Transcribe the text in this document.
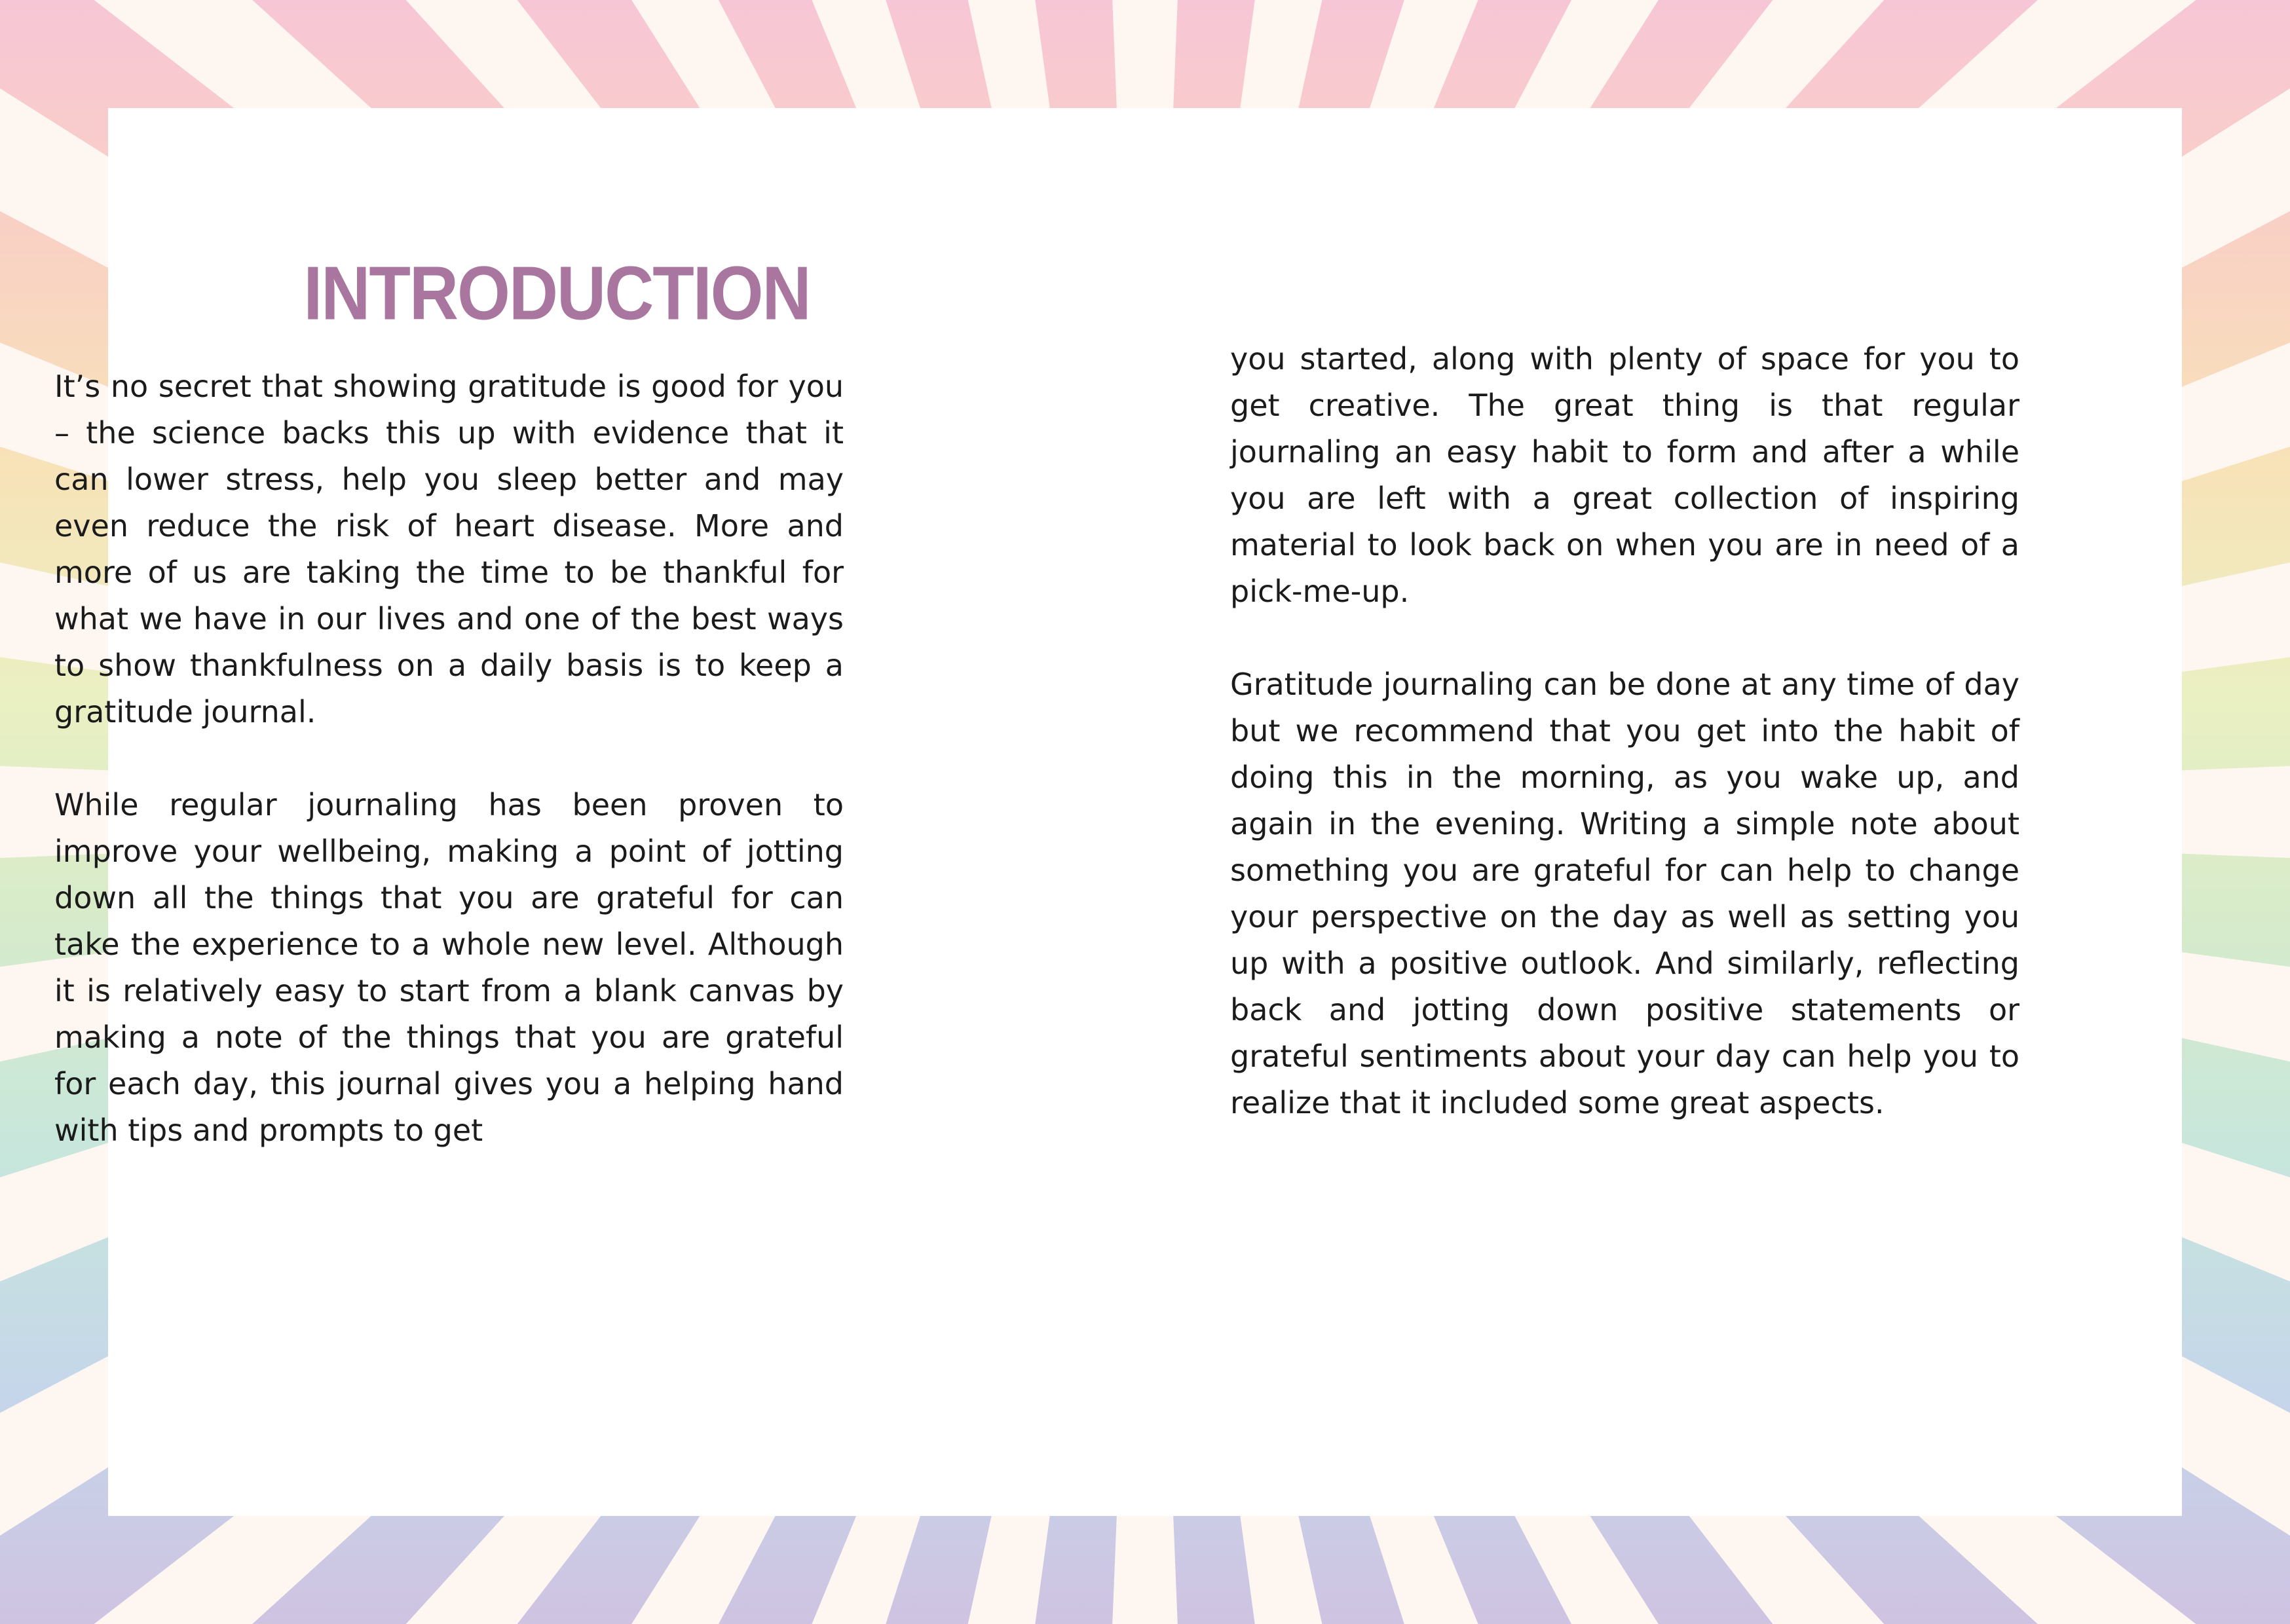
INTRODUCTION

It’s no secret that showing gratitude is good for you – the science backs this up with evidence that it can lower stress, help you sleep better and may even reduce the risk of heart disease. More and more of us are taking the time to be thankful for what we have in our lives and one of the best ways to show thankfulness on a daily basis is to keep a gratitude journal.

While regular journaling has been proven to improve your wellbeing, making a point of jotting down all the things that you are grateful for can take the experience to a whole new level. Although it is relatively easy to start from a blank canvas by making a note of the things that you are grateful for each day, this journal gives you a helping hand with tips and prompts to get

you started, along with plenty of space for you to get creative. The great thing is that regular journaling an easy habit to form and after a while you are left with a great collection of inspiring material to look back on when you are in need of a pick-me-up.

Gratitude journaling can be done at any time of day but we recommend that you get into the habit of doing this in the morning, as you wake up, and again in the evening. Writing a simple note about something you are grateful for can help to change your perspective on the day as well as setting you up with a positive outlook. And similarly, reflecting back and jotting down positive statements or grateful sentiments about your day can help you to realize that it included some great aspects.
